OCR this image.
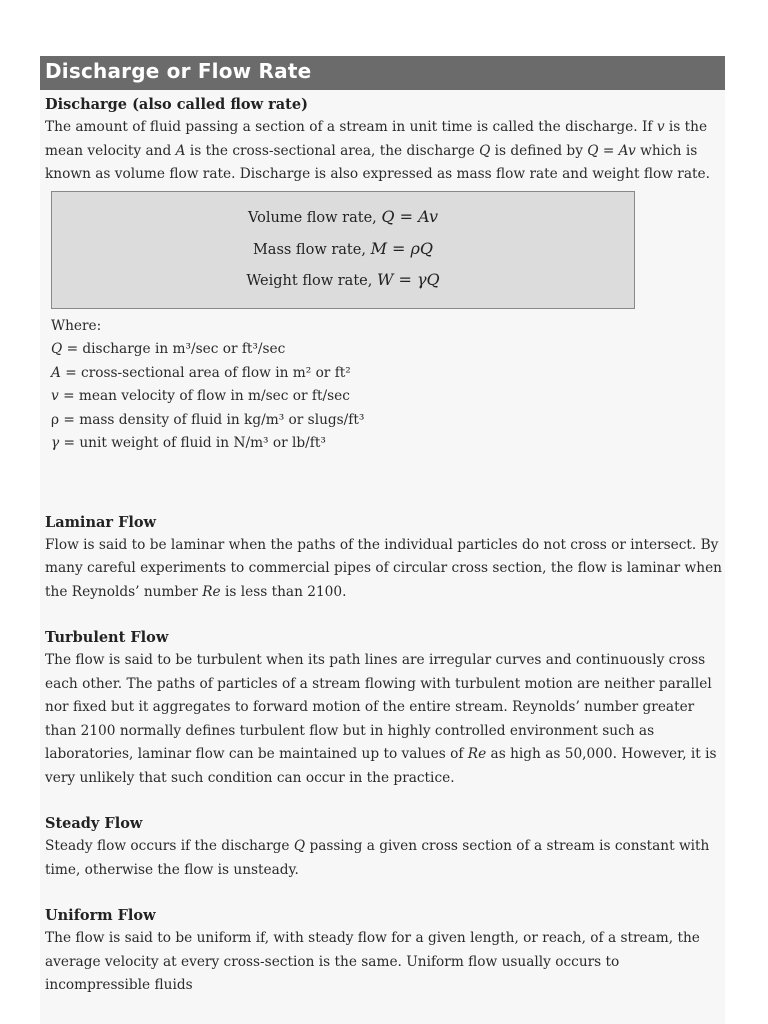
Discharge or Flow Rate
Discharge (also called flow rate)

The amount of fluid passing a section of a stream in unit time is called the discharge. If v is the mean velocity and A is the cross-sectional area, the discharge Q is defined by Q = Av which is known as volume flow rate. Discharge is also expressed as mass flow rate and weight flow rate.

Volume flow rate, Q = Av
Mass flow rate, M = ρQ
Weight flow rate, W = γQ
Where:
Q = discharge in m³/sec or ft³/sec
A = cross-sectional area of flow in m² or ft²
v = mean velocity of flow in m/sec or ft/sec
ρ = mass density of fluid in kg/m³ or slugs/ft³
γ = unit weight of fluid in N/m³ or lb/ft³
Laminar Flow

Flow is said to be laminar when the paths of the individual particles do not cross or intersect. By many careful experiments to commercial pipes of circular cross section, the flow is laminar when the Reynolds’ number Re is less than 2100.

Turbulent Flow

The flow is said to be turbulent when its path lines are irregular curves and continuously cross each other. The paths of particles of a stream flowing with turbulent motion are neither parallel nor fixed but it aggregates to forward motion of the entire stream. Reynolds’ number greater than 2100 normally defines turbulent flow but in highly controlled environment such as laboratories, laminar flow can be maintained up to values of Re as high as 50,000. However, it is very unlikely that such condition can occur in the practice.

Steady Flow

Steady flow occurs if the discharge Q passing a given cross section of a stream is constant with time, otherwise the flow is unsteady.

Uniform Flow

The flow is said to be uniform if, with steady flow for a given length, or reach, of a stream, the average velocity at every cross-section is the same. Uniform flow usually occurs to incompressible fluids
